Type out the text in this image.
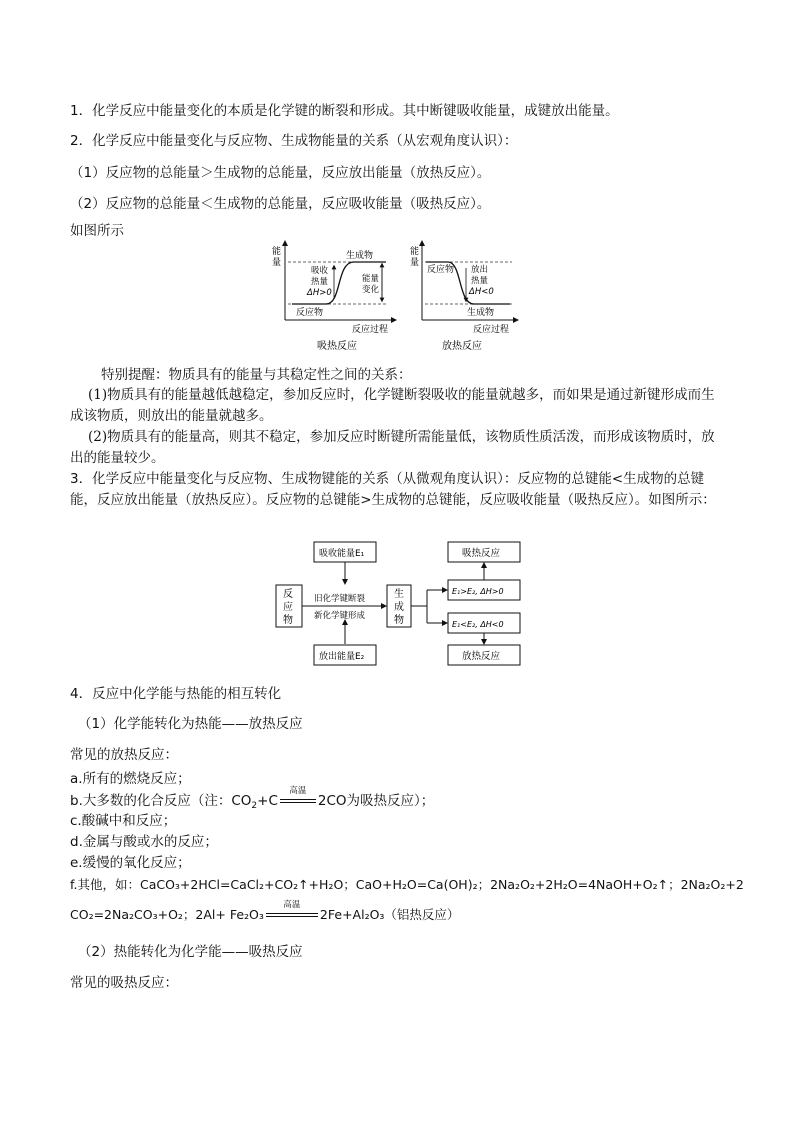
1．化学反应中能量变化的本质是化学键的断裂和形成。其中断键吸收能量，成键放出能量。
2．化学反应中能量变化与反应物、生成物能量的关系（从宏观角度认识）：
（1）反应物的总能量＞生成物的总能量，反应放出能量（放热反应）。
（2）反应物的总能量＜生成物的总能量，反应吸收能量（吸热反应）。
如图所示
能
量
生成物
吸收
热量
ΔH>0
能量
变化
反应物
反应过程
吸热反应
能
量
反应物 放出
热量
ΔH<0
生成物
反应过程
放热反应
特别提醒：物质具有的能量与其稳定性之间的关系：
(1)物质具有的能量越低越稳定，参加反应时，化学键断裂吸收的能量就越多，而如果是通过新键形成而生成该物质，则放出的能量就越多。
(2)物质具有的能量高，则其不稳定，参加反应时断键所需能量低，该物质性质活泼，而形成该物质时，放出的能量较少。
3．化学反应中能量变化与反应物、生成物键能的关系（从微观角度认识）：反应物的总键能<生成物的总键能，反应放出能量（放热反应）。反应物的总键能>生成物的总键能，反应吸收能量（吸热反应）。如图所示：
吸收能量E₁
反
应
物
旧化学键断裂
新化学键形成
生
成
物
放出能量E₂
吸热反应
E₁>E₂, ΔH>0
E₁<E₂, ΔH<0
放热反应
4．反应中化学能与热能的相互转化
（1）化学能转化为热能——放热反应
常见的放热反应：
a.所有的燃烧反应；
b.大多数的化合反应（注：$CO_2+C$
高温
2CO为吸热反应）；
c.酸碱中和反应；
d.金属与酸或水的反应；
e.缓慢的氧化反应；
f.其他，如：CaCO₃+2HCl=CaCl₂+CO₂↑+H₂O；CaO+H₂O=Ca(OH)₂；2Na₂O₂+2H₂O=4NaOH+O₂↑；2Na₂O₂+2
CO₂=2Na₂CO₃+O₂；2Al+ Fe₂O₃
高温
2Fe+Al₂O₃（铝热反应）
（2）热能转化为化学能——吸热反应
常见的吸热反应：
